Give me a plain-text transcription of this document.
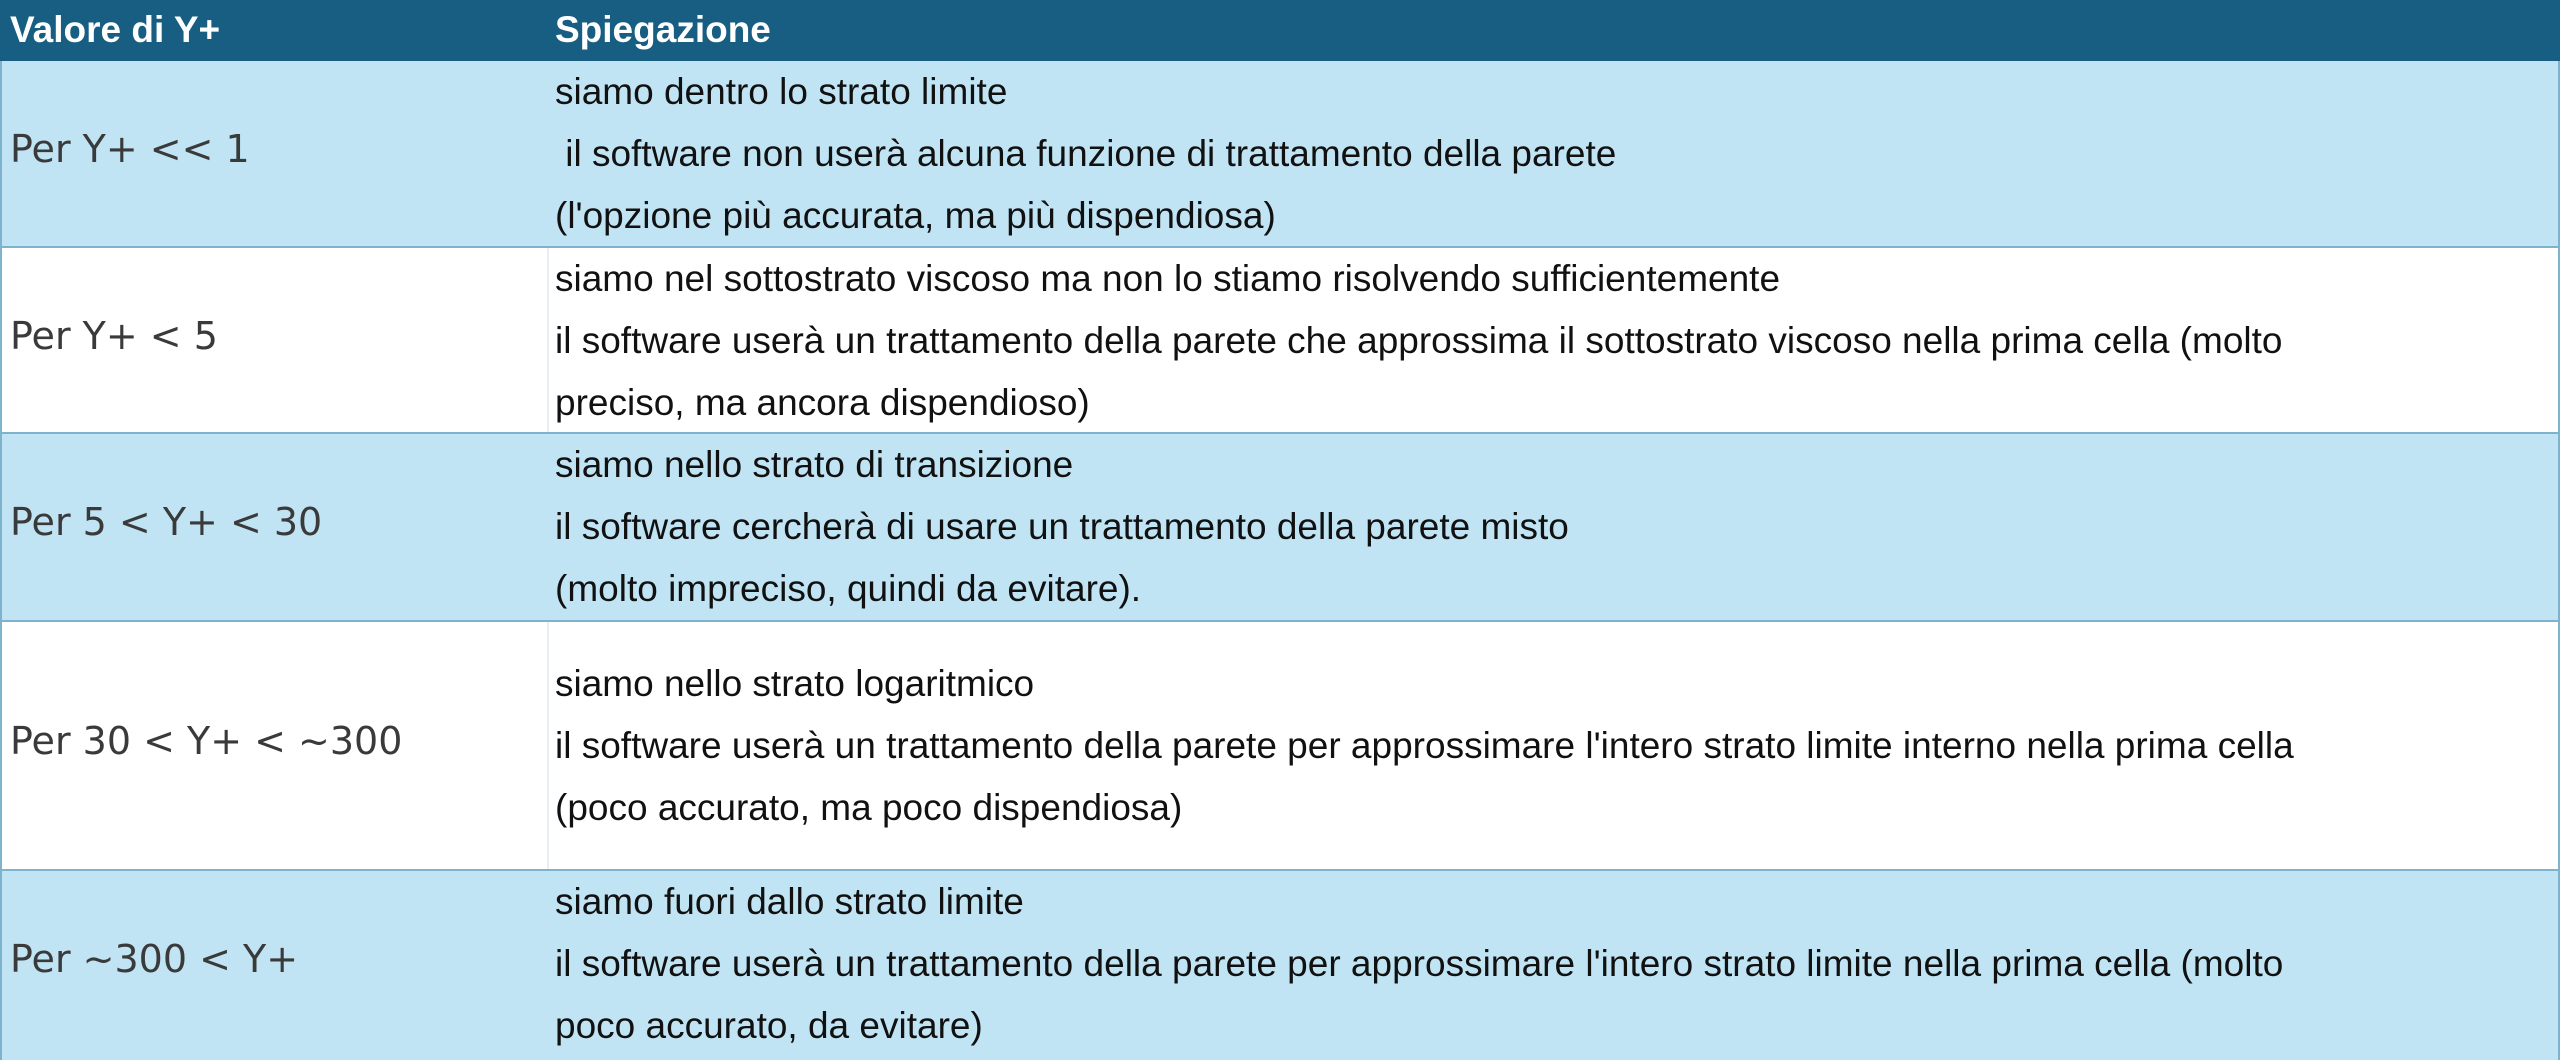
Valore di Y+	Spiegazione
Per Y+ << 1
siamo dentro lo strato limite
il software non userà alcuna funzione di trattamento della parete
(l'opzione più accurata, ma più dispendiosa)
Per Y+ < 5
siamo nel sottostrato viscoso ma non lo stiamo risolvendo sufficientemente
il software userà un trattamento della parete che approssima il sottostrato viscoso nella prima cella (molto
preciso, ma ancora dispendioso)
Per 5 < Y+ < 30
siamo nello strato di transizione
il software cercherà di usare un trattamento della parete misto
(molto impreciso, quindi da evitare).
Per 30 < Y+ < ~300
siamo nello strato logaritmico
il software userà un trattamento della parete per approssimare l'intero strato limite interno nella prima cella
(poco accurato, ma poco dispendiosa)
Per ~300 < Y+
siamo fuori dallo strato limite
il software userà un trattamento della parete per approssimare l'intero strato limite nella prima cella (molto
poco accurato, da evitare)
